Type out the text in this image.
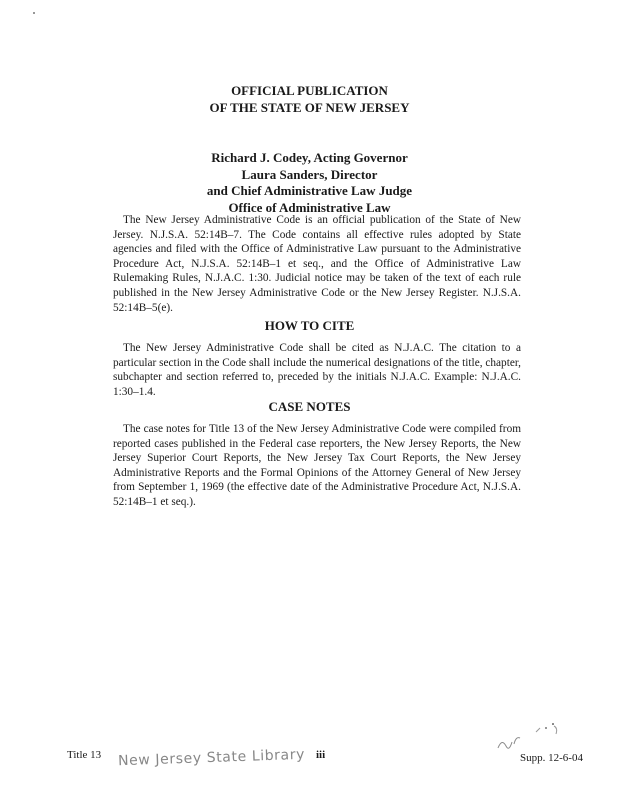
OFFICIAL PUBLICATION
OF THE STATE OF NEW JERSEY
Richard J. Codey, Acting Governor
Laura Sanders, Director
and Chief Administrative Law Judge
Office of Administrative Law

The New Jersey Administrative Code is an official publication of the State of New Jersey. N.J.S.A. 52:14B–7. The Code contains all effective rules adopted by State agencies and filed with the Office of Administrative Law pursuant to the Administrative Procedure Act, N.J.S.A. 52:14B–1 et seq., and the Office of Administrative Law Rulemaking Rules, N.J.A.C. 1:30. Judicial notice may be taken of the text of each rule published in the New Jersey Administrative Code or the New Jersey Register. N.J.S.A. 52:14B–5(e).

HOW TO CITE

The New Jersey Administrative Code shall be cited as N.J.A.C. The citation to a particular section in the Code shall include the numerical designations of the title, chapter, subchapter and section referred to, preceded by the initials N.J.A.C. Example: N.J.A.C. 1:30–1.4.

CASE NOTES

The case notes for Title 13 of the New Jersey Administrative Code were compiled from reported cases published in the Federal case reporters, the New Jersey Reports, the New Jersey Superior Court Reports, the New Jersey Tax Court Reports, the New Jersey Administrative Reports and the Formal Opinions of the Attorney General of New Jersey from September 1, 1969 (the effective date of the Administrative Procedure Act, N.J.S.A. 52:14B–1 et seq.).

Title 13 New Jersey State Library iii	Supp. 12-6-04
